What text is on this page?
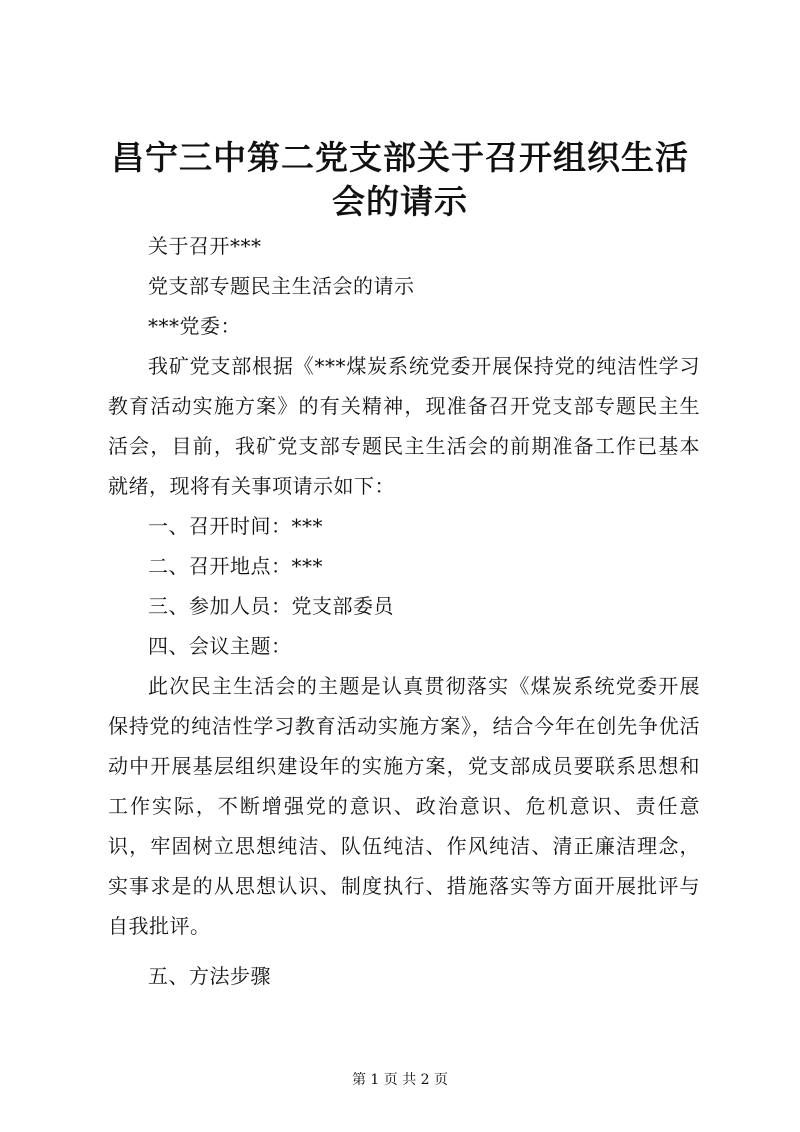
昌宁三中第二党支部关于召开组织生活会的请示

关于召开***

党支部专题民主生活会的请示

***党委：

我矿党支部根据《***煤炭系统党委开展保持党的纯洁性学习教育活动实施方案》的有关精神，现准备召开党支部专题民主生活会，目前，我矿党支部专题民主生活会的前期准备工作已基本就绪，现将有关事项请示如下：

一、召开时间：***

二、召开地点：***

三、参加人员：党支部委员

四、会议主题：

此次民主生活会的主题是认真贯彻落实《煤炭系统党委开展保持党的纯洁性学习教育活动实施方案》，结合今年在创先争优活动中开展基层组织建设年的实施方案，党支部成员要联系思想和工作实际，不断增强党的意识、政治意识、危机意识、责任意识，牢固树立思想纯洁、队伍纯洁、作风纯洁、清正廉洁理念，实事求是的从思想认识、制度执行、措施落实等方面开展批评与自我批评。

五、方法步骤

第 1 页 共 2 页
